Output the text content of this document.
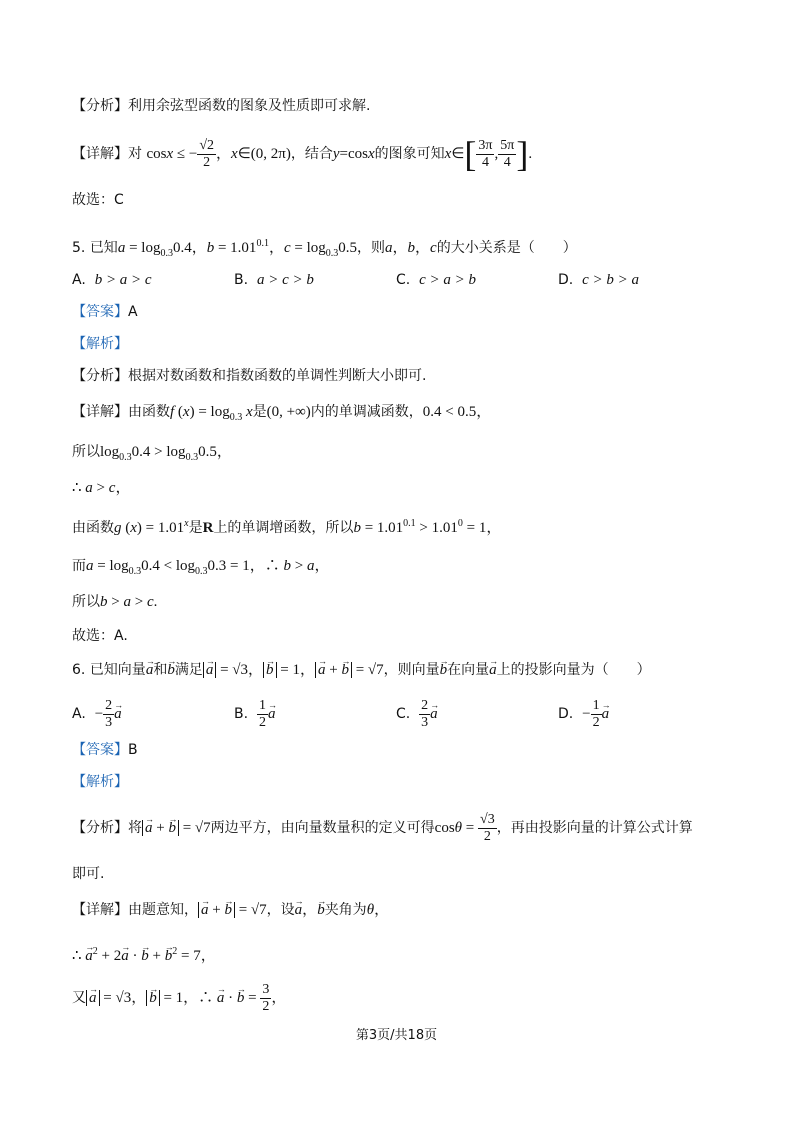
【分析】利用余弦型函数的图象及性质即可求解.
【详解】对 cosx ≤ − $\frac{√2}{2}$ ，x∈(0, 2π)，结合y=cosx的图象可知x∈[ $\frac{3\pi}{4}$ , $\frac{5\pi}{4}$ ].
故选：C
5. 已知$a = \log_{0.3}0.4$，$b = 1.01^{0.1}$，$c = \log_{0.3}0.5$，则a，b，c的大小关系是（　　）
A. b > a > c	B. a > c > b	C. c > a > b	D. c > b > a
【答案】A
【解析】
【分析】根据对数函数和指数函数的单调性判断大小即可.
【详解】由函数f $(x) = \log_{0.3} x$是(0, +∞)内的单调减函数，0.4 < 0.5，
所以$\log_{0.3}0.4 > \log_{0.3}0.5$，
∴ a > c，
由函数g $(x) = 1.01^x$是R上的单调增函数，所以$b = 1.01^{0.1} > 1.01^0 = 1$，
而$a = \log_{0.3}0.4 < \log_{0.3}0.3 = 1$，∴ b > a，
所以b > a > c.
故选：A.
6. 已知向量→ a和→ b满足→ a = √3，→ b = 1，→ a + → b = √7，则向量→ b在向量→ a上的投影向量为（　　）
A. − $\frac{2}{3}$
→ a	B. $\frac{1}{2}$
→ a	C. $\frac{2}{3}$
→ a	D. − $\frac{1}{2}$
→ a
【答案】B
【解析】
【分析】将→ a + → b = √7两边平方，由向量数量积的定义可得$\cos\theta = \frac{√3}{2}$ ，再由投影向量的计算公式计算
即可.
【详解】由题意知，→ a + → b = √7，设→ a，→ b夹角为θ，
∴ → $a^2 + 2\to a$ · → b + → $b^2 = 7$，
又→ a = √3，→ b = 1，∴ → a · → $b = \frac{3}{2}$ ，
第3页/共18页
